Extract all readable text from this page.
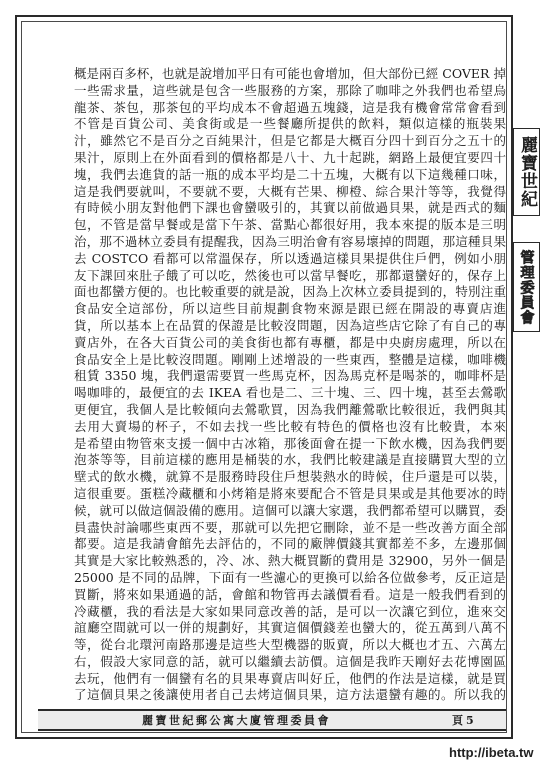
概是兩百多杯，也就是說增加平日有可能也會增加，但大部份已經 COVER 掉
一些需求量，這些就是包含一些服務的方案，那除了咖啡之外我們也希望烏
龍茶、茶包，那茶包的平均成本不會超過五塊錢，這是我有機會常常會看到
不管是百貨公司、美食街或是一些餐廳所提供的飲料，類似這樣的瓶裝果
汁，雖然它不是百分之百純果汁，但是它都是大概百分四十到百分之五十的
果汁，原則上在外面看到的價格都是八十、九十起跳，網路上最便宜要四十
塊，我們去進貨的話一瓶的成本平均是二十五塊，大概有以下這幾種口味，
這是我們要就叫，不要就不要，大概有芒果、柳橙、綜合果汁等等，我覺得
有時候小朋友對他們下課也會蠻吸引的，其實以前做過貝果，就是西式的麵
包，不管是當早餐或是當下午茶、當點心都很好用，我本來提的版本是三明
治，那不過林立委員有提醒我，因為三明治會有容易壞掉的問題，那這種貝果
去 COSTCO 看都可以常溫保存，所以透過這樣貝果提供住戶們，例如小朋
友下課回來肚子餓了可以吃，然後也可以當早餐吃，那都還蠻好的，保存上
面也都蠻方便的。也比較重要的就是說，因為上次林立委員提到的，特別注重
食品安全這部份，所以這些目前規劃食物來源是跟已經在開設的專賣店進
貨，所以基本上在品質的保證是比較沒問題，因為這些店它除了有自己的專
賣店外，在各大百貨公司的美食街也都有專櫃，都是中央廚房處理，所以在
食品安全上是比較沒問題。剛剛上述增設的一些東西，整體是這樣，咖啡機
租賃 3350 塊，我們還需要買一些馬克杯，因為馬克杯是喝茶的，咖啡杯是
喝咖啡的，最便宜的去 IKEA 看也是二、三十塊、三、四十塊，甚至去鶯歌
更便宜，我個人是比較傾向去鶯歌買，因為我們離鶯歌比較很近，我們與其
去用大賣場的杯子，不如去找一些比較有特色的價格也沒有比較貴，本來
是希望由物管來支援一個中古冰箱，那後面會在提一下飲水機，因為我們要
泡茶等等，目前這樣的應用是桶裝的水，我們比較建議是直接購買大型的立
壁式的飲水機，就算不是服務時段住戶想裝熱水的時候，住戶還是可以裝，
這很重要。蛋糕冷藏櫃和小烤箱是將來要配合不管是貝果或是其他要冰的時
候，就可以做這個設備的應用。這個可以讓大家選，我們都希望可以購買，委
員盡快討論哪些東西不要，那就可以先把它刪除，並不是一些改善方面全部
都要。這是我請會館先去評估的，不同的廠牌價錢其實都差不多，左邊那個
其實是大家比較熟悉的，冷、冰、熱大概買斷的費用是 32900，另外一個是
25000 是不同的品牌，下面有一些濾心的更換可以給各位做參考，反正這是
買斷，將來如果通過的話，會館和物管再去議價看看。這是一般我們看到的
冷藏櫃，我的看法是大家如果同意改善的話，是可以一次讓它到位，進來交
誼廳空間就可以一併的規劃好，其實這個價錢差也蠻大的，從五萬到八萬不
等，從台北環河南路那邊是這些大型機器的販賣，所以大概也才五、六萬左
右，假設大家同意的話，就可以繼續去訪價。這個是我昨天剛好去花博園區
去玩，他們有一個蠻有名的貝果專賣店叫好丘，他們的作法是這樣，就是買
了這個貝果之後讓使用者自己去烤這個貝果，這方法還蠻有趣的。所以我的
麗寶世紀郵公寓大廈管理委員會	頁5
麗寶世紀
管理委員會
http://ibeta.tw
